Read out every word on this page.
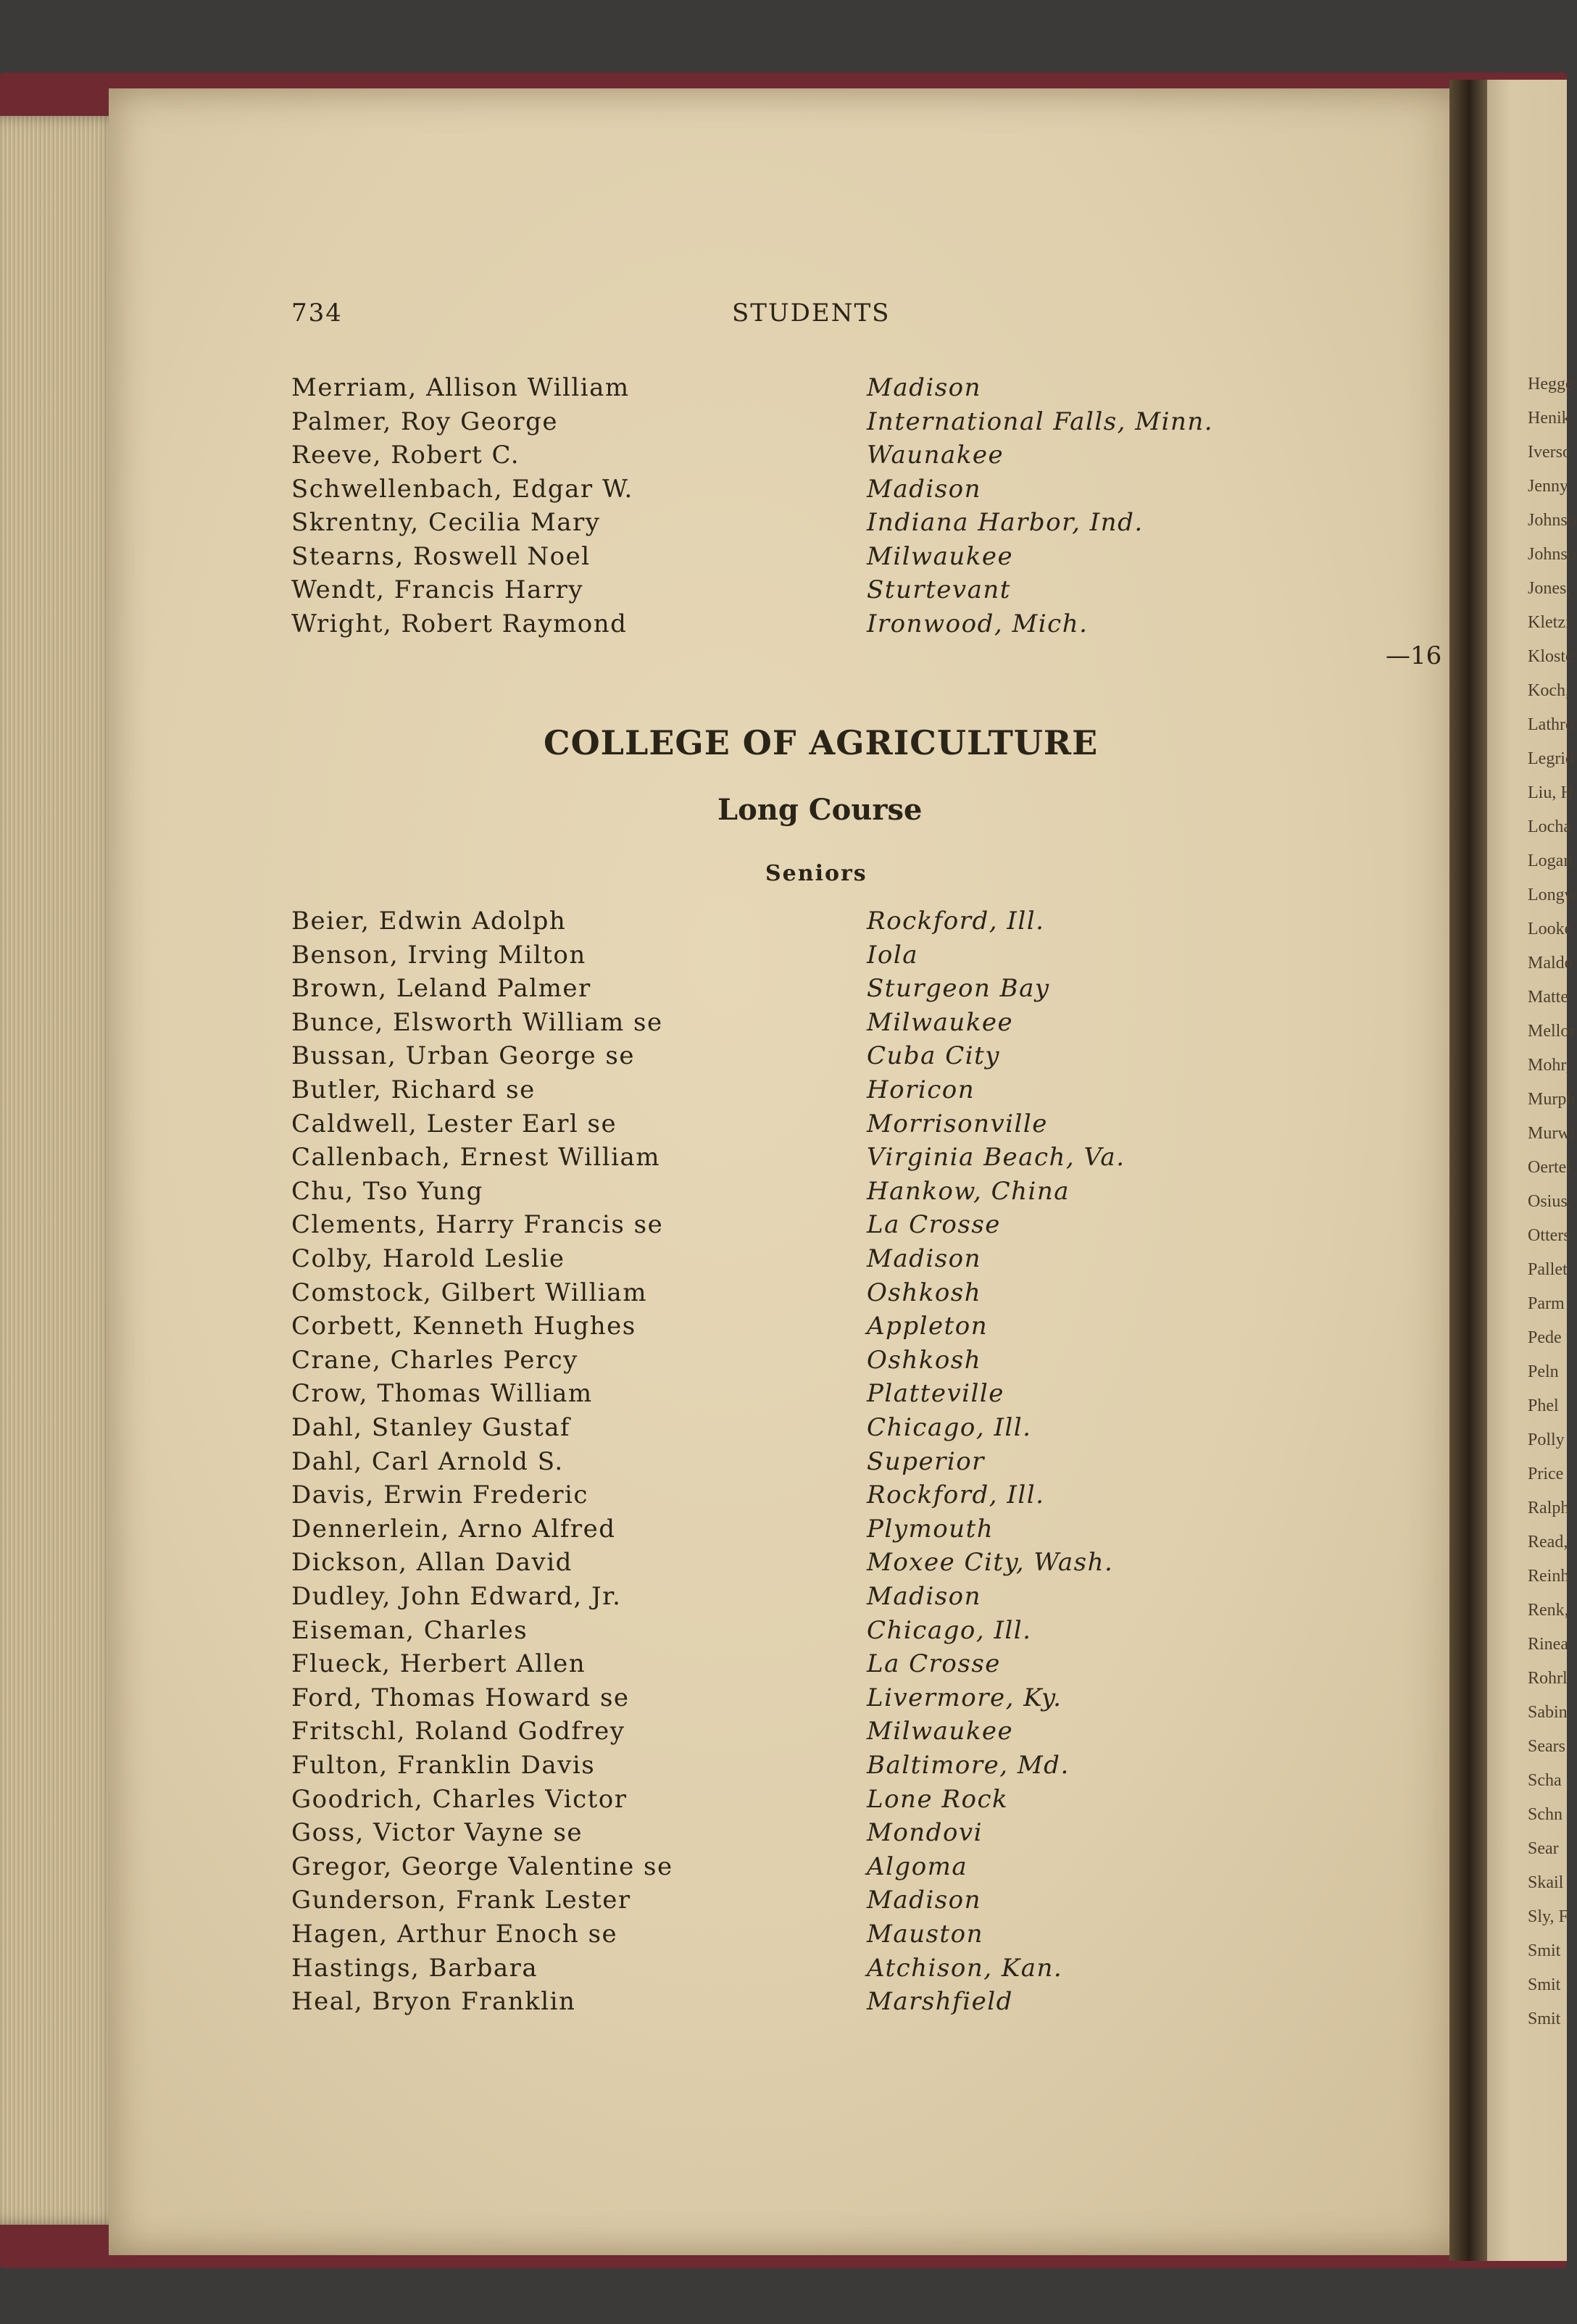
Hegge
Henik
Iverso
Jenny
Johnso
Johnso
Jones,
Kletzi
Kloste
Koch,
Lathro
Legrid
Liu, H
Locha
Logan
Longw
Looke
Maldo
Matte
Mellor
Mohr,
Murph
Murwi
Oertel
Osius,
Otters
Pallet
Parm
Pede
Peln
Phel
Polly
Price
Ralph
Read,
Reinh
Renk,
Rinea
Rohrl
Sabin
Sears
Scha
Schn
Sear
Skail
Sly, F
Smit
Smit
Smit
734	STUDENTS
Merriam, Allison William	Madison
Palmer, Roy George	International Falls, Minn.
Reeve, Robert C.	Waunakee
Schwellenbach, Edgar W.	Madison
Skrentny, Cecilia Mary	Indiana Harbor, Ind.
Stearns, Roswell Noel	Milwaukee
Wendt, Francis Harry	Sturtevant
Wright, Robert Raymond	Ironwood, Mich.
—16
COLLEGE OF AGRICULTURE
Long Course
Seniors
Beier, Edwin Adolph	Rockford, Ill.
Benson, Irving Milton	Iola
Brown, Leland Palmer	Sturgeon Bay
Bunce, Elsworth William se	Milwaukee
Bussan, Urban George se	Cuba City
Butler, Richard se	Horicon
Caldwell, Lester Earl se	Morrisonville
Callenbach, Ernest William	Virginia Beach, Va.
Chu, Tso Yung	Hankow, China
Clements, Harry Francis se	La Crosse
Colby, Harold Leslie	Madison
Comstock, Gilbert William	Oshkosh
Corbett, Kenneth Hughes	Appleton
Crane, Charles Percy	Oshkosh
Crow, Thomas William	Platteville
Dahl, Stanley Gustaf	Chicago, Ill.
Dahl, Carl Arnold S.	Superior
Davis, Erwin Frederic	Rockford, Ill.
Dennerlein, Arno Alfred	Plymouth
Dickson, Allan David	Moxee City, Wash.
Dudley, John Edward, Jr.	Madison
Eiseman, Charles	Chicago, Ill.
Flueck, Herbert Allen	La Crosse
Ford, Thomas Howard se	Livermore, Ky.
Fritschl, Roland Godfrey	Milwaukee
Fulton, Franklin Davis	Baltimore, Md.
Goodrich, Charles Victor	Lone Rock
Goss, Victor Vayne se	Mondovi
Gregor, George Valentine se	Algoma
Gunderson, Frank Lester	Madison
Hagen, Arthur Enoch se	Mauston
Hastings, Barbara	Atchison, Kan.
Heal, Bryon Franklin	Marshfield
